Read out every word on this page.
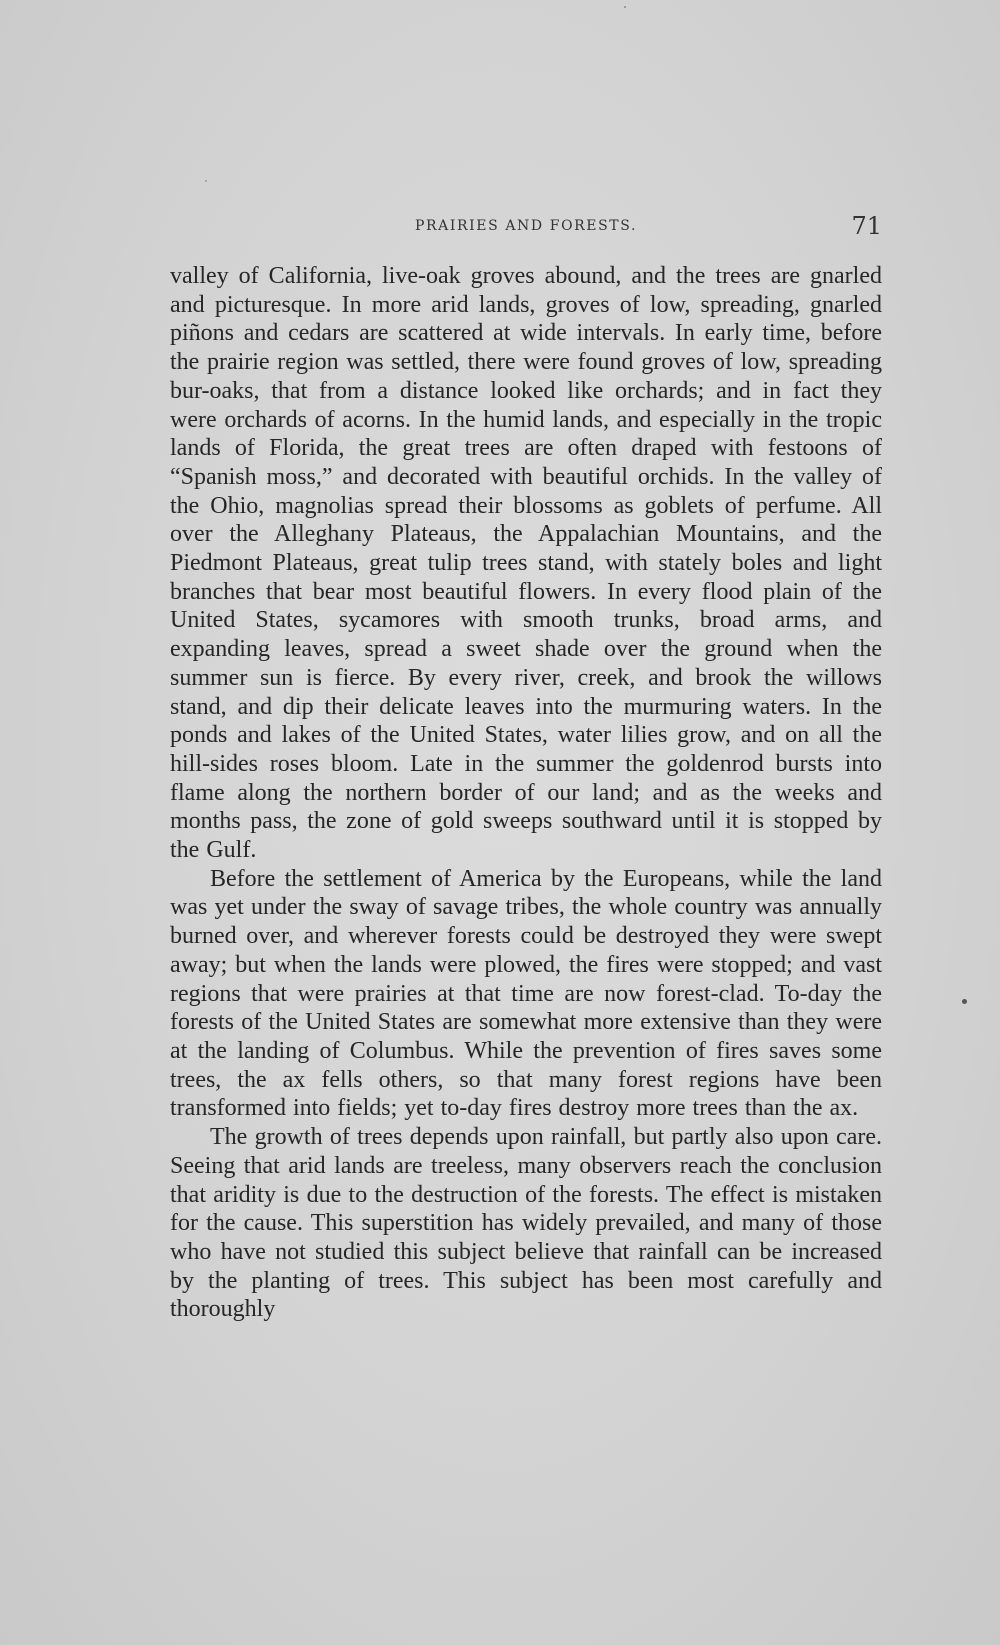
PRAIRIES AND FORESTS.	71

valley of California, live-oak groves abound, and the trees are gnarled and picturesque. In more arid lands, groves of low, spreading, gnarled piñons and cedars are scattered at wide intervals. In early time, before the prairie region was settled, there were found groves of low, spreading bur-oaks, that from a distance looked like orchards; and in fact they were orchards of acorns. In the humid lands, and especially in the tropic lands of Florida, the great trees are often draped with festoons of “Spanish moss,” and decorated with beautiful orchids. In the valley of the Ohio, magnolias spread their blossoms as goblets of perfume. All over the Alleghany Plateaus, the Appalachian Mountains, and the Piedmont Plateaus, great tulip trees stand, with stately boles and light branches that bear most beautiful flowers. In every flood plain of the United States, sycamores with smooth trunks, broad arms, and expanding leaves, spread a sweet shade over the ground when the summer sun is fierce. By every river, creek, and brook the willows stand, and dip their delicate leaves into the murmuring waters. In the ponds and lakes of the United States, water lilies grow, and on all the hill-sides roses bloom. Late in the summer the goldenrod bursts into flame along the northern border of our land; and as the weeks and months pass, the zone of gold sweeps southward until it is stopped by the Gulf.

Before the settlement of America by the Europeans, while the land was yet under the sway of savage tribes, the whole country was annually burned over, and wherever forests could be destroyed they were swept away; but when the lands were plowed, the fires were stopped; and vast regions that were prairies at that time are now forest-clad. To-day the forests of the United States are somewhat more extensive than they were at the landing of Columbus. While the prevention of fires saves some trees, the ax fells others, so that many forest regions have been transformed into fields; yet to-day fires destroy more trees than the ax.

The growth of trees depends upon rainfall, but partly also upon care. Seeing that arid lands are treeless, many observers reach the conclusion that aridity is due to the destruction of the forests. The effect is mistaken for the cause. This superstition has widely prevailed, and many of those who have not studied this subject believe that rainfall can be increased by the planting of trees. This subject has been most carefully and thoroughly
